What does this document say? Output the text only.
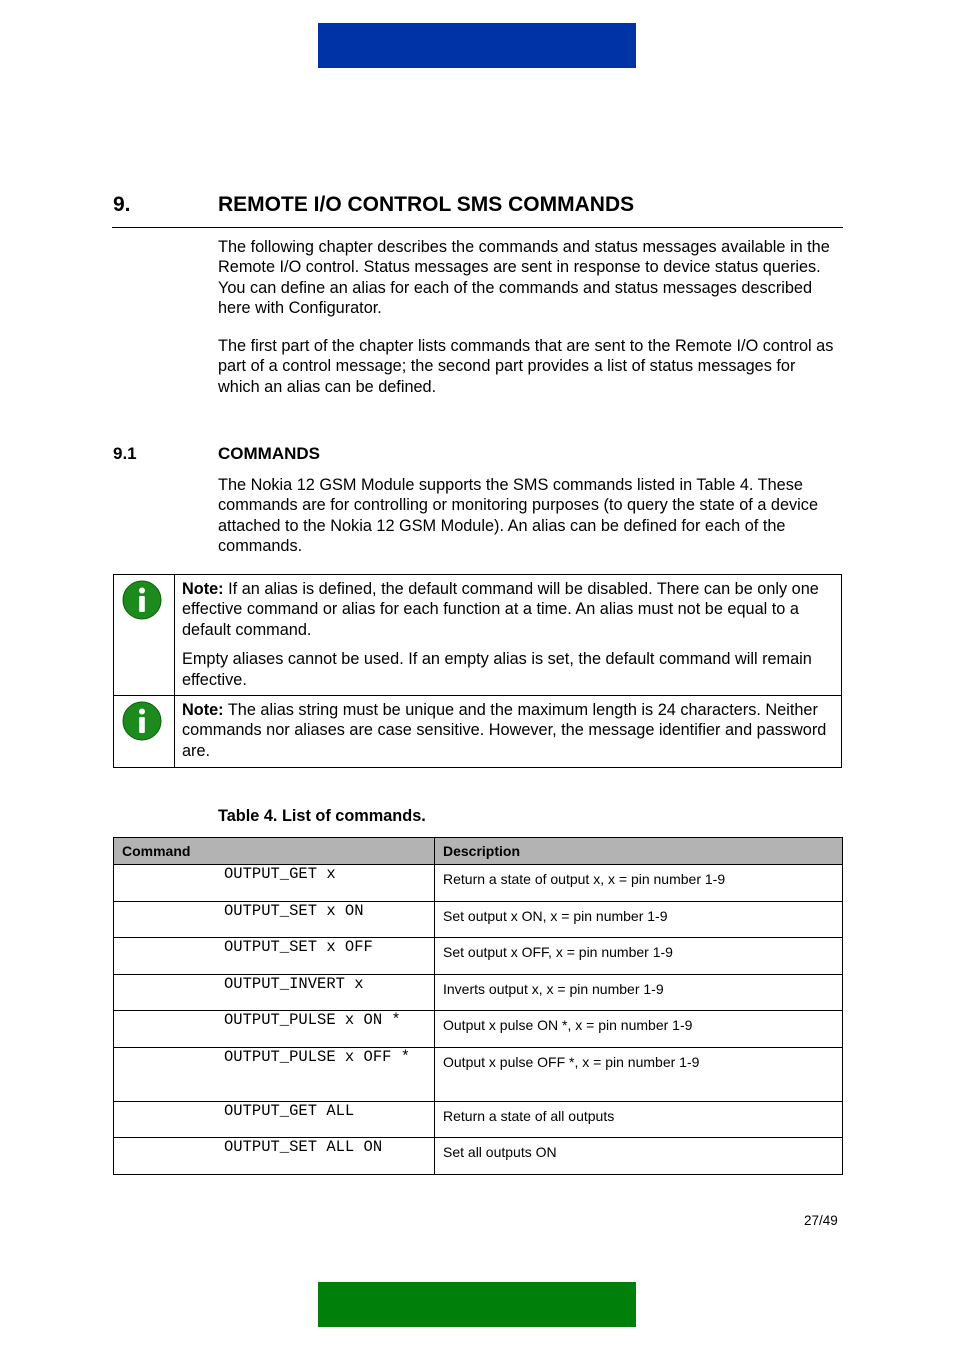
9.	REMOTE I/O CONTROL SMS COMMANDS

The following chapter describes the commands and status messages available in the Remote I/O control. Status messages are sent in response to device status queries. You can define an alias for each of the commands and status messages described here with Configurator.

The first part of the chapter lists commands that are sent to the Remote I/O control as part of a control message; the second part provides a list of status messages for which an alias can be defined.

9.1	COMMANDS

The Nokia 12 GSM Module supports the SMS commands listed in Table 4. These commands are for controlling or monitoring purposes (to query the state of a device attached to the Nokia 12 GSM Module). An alias can be defined for each of the commands.

Note: If an alias is defined, the default command will be disabled. There can be only one effective command or alias for each function at a time. An alias must not be equal to a default command.

Empty aliases cannot be used. If an empty alias is set, the default command will remain effective.

Note: The alias string must be unique and the maximum length is 24 characters. Neither commands nor aliases are case sensitive. However, the message identifier and password are.

Table 4. List of commands.
Command	Description
OUTPUT_GET x	Return a state of output x, x = pin number 1-9
OUTPUT_SET x ON	Set output x ON, x = pin number 1-9
OUTPUT_SET x OFF	Set output x OFF, x = pin number 1-9
OUTPUT_INVERT x	Inverts output x, x = pin number 1-9
OUTPUT_PULSE x ON *	Output x pulse ON *, x = pin number 1-9
OUTPUT_PULSE x OFF *	Output x pulse OFF *, x = pin number 1-9
OUTPUT_GET ALL	Return a state of all outputs
OUTPUT_SET ALL ON	Set all outputs ON
27/49
